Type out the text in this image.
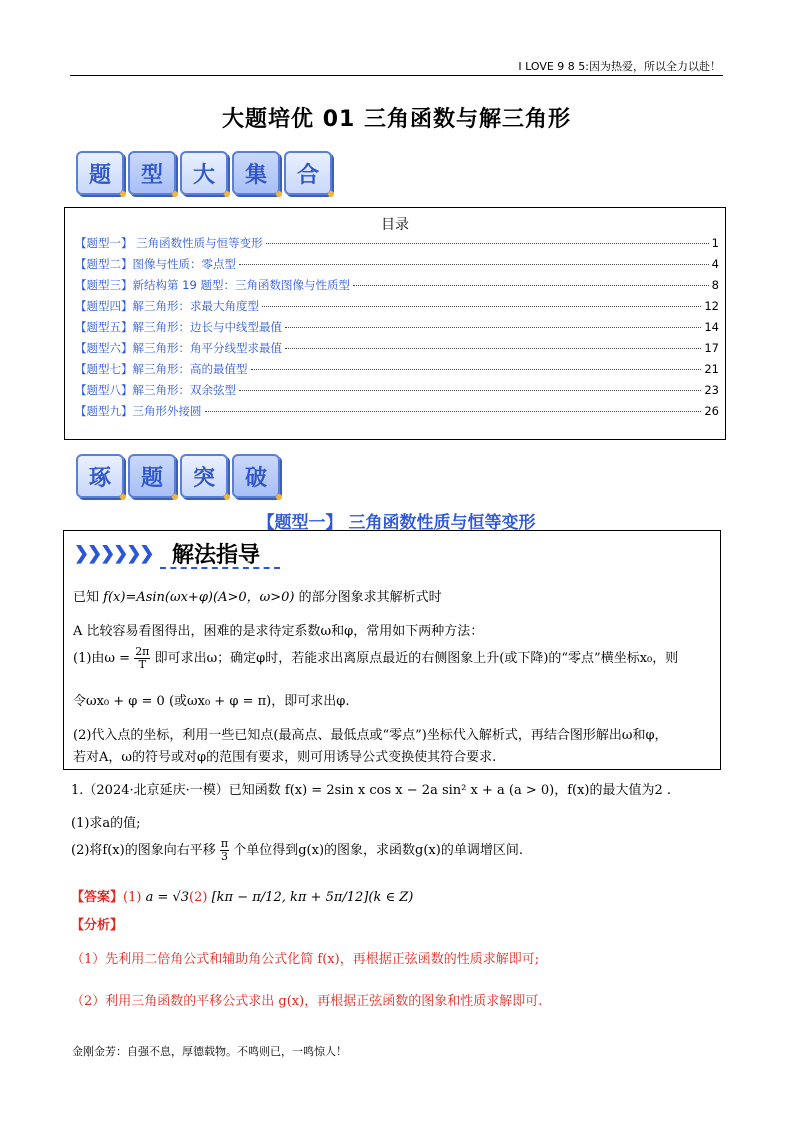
I LOVE 9 8 5:因为热爱，所以全力以赴！
大题培优 01 三角函数与解三角形
题	型	大	集	合
目录
【题型一】 三角函数性质与恒等变形	1
【题型二】图像与性质：零点型	4
【题型三】新结构第 19 题型：三角函数图像与性质型	8
【题型四】解三角形：求最大角度型	12
【题型五】解三角形：边长与中线型最值	14
【题型六】解三角形：角平分线型求最值	17
【题型七】解三角形：高的最值型	21
【题型八】解三角形：双余弦型	23
【题型九】三角形外接圆	26
琢	题	突	破
【题型一】 三角函数性质与恒等变形
❯❯❯❯❯❯ 解法指导
已知 f(x)=Asin(ωx+φ)(A>0，ω>0) 的部分图象求其解析式时
A 比较容易看图得出，困难的是求待定系数ω和φ，常用如下两种方法：
(1)由$\omega = \frac{2\pi}{T}$ 即可求出ω；确定φ时，若能求出离原点最近的右侧图象上升(或下降)的“零点”横坐标x₀，则
令ωx₀ + φ = 0 (或ωx₀ + φ = π)，即可求出φ.
(2)代入点的坐标，利用一些已知点(最高点、最低点或“零点”)坐标代入解析式，再结合图形解出ω和φ，
若对A，ω的符号或对φ的范围有要求，则可用诱导公式变换使其符合要求.
1.（2024·北京延庆·一模）已知函数 f(x) = 2sin x cos x − 2a sin² x + a (a > 0)，f(x)的最大值为2 .
(1)求a的值;
(2)将f(x)的图象向右平移 $\frac{\pi}{3}$ 个单位得到g(x)的图象，求函数g(x)的单调增区间.
【答案】(1) a = √3(2) [kπ − π/12, kπ + 5π/12](k ∈ Z)
【分析】
（1）先利用二倍角公式和辅助角公式化简 f(x)，再根据正弦函数的性质求解即可;
（2）利用三角函数的平移公式求出 g(x)，再根据正弦函数的图象和性质求解即可.
金刚金芳：自强不息，厚德载物。不鸣则已，一鸣惊人！
